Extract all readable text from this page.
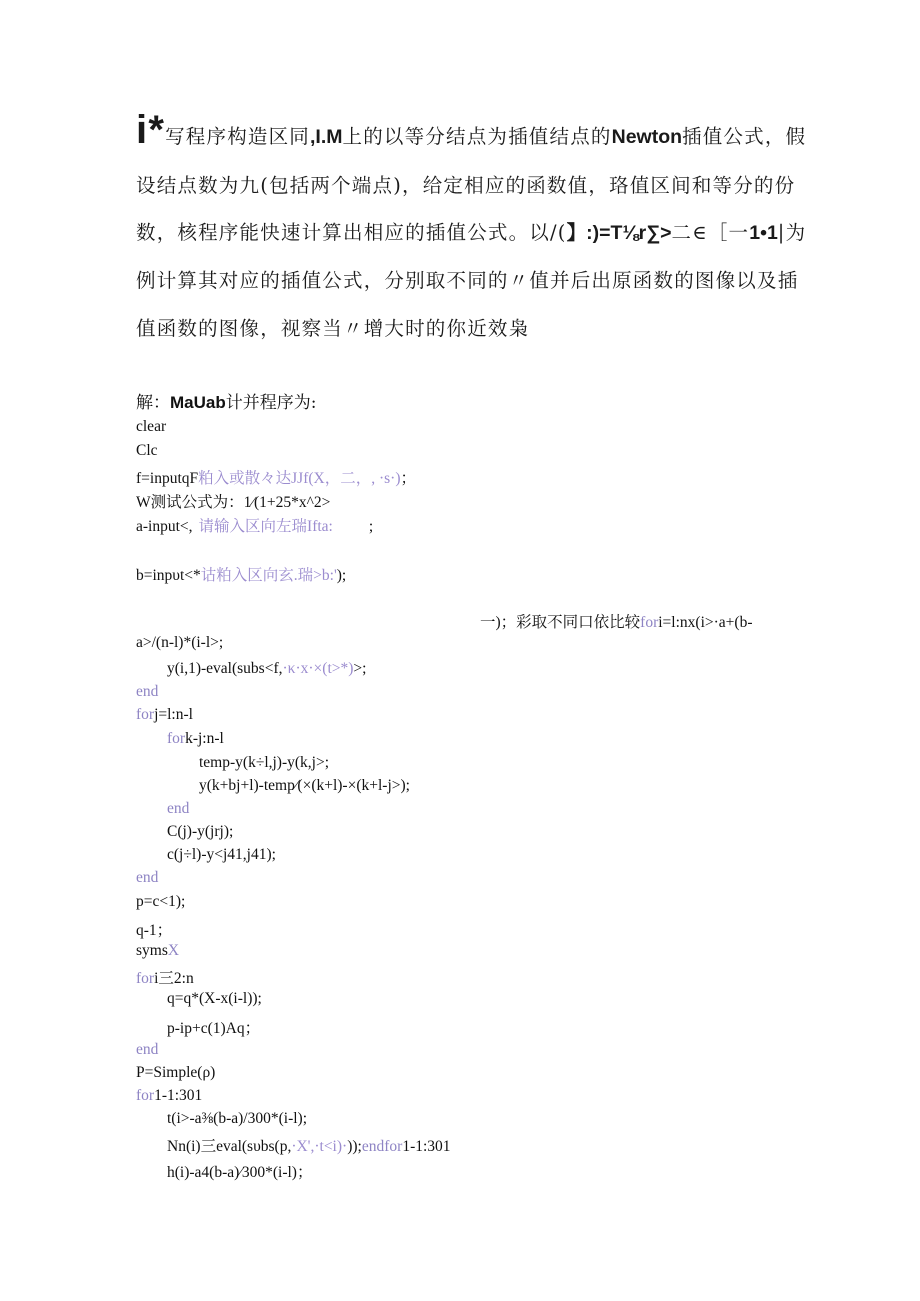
i*写程序构造区同,I.M上的以等分结点为插值结点的Newton插值公式，假
设结点数为九(包括两个端点)，给定相应的函数值，珞值区间和等分的份
数，核程序能快速计算出相应的插值公式。以/(】:)=T⅛r∑>二∈［一1•1|为
例计算其对应的插值公式，分别取不同的〃值并后出原函数的图像以及插
值函数的图像，视察当〃增大时的你近效枭
解：MaUab计并程序为:
clear
Clc
f=inputqF粕入或散々达JJf(X，二，, ·s·)；
W测试公式为：1∕(1+25*x^2>
a-input<, 请输入区向左瑞Ifta: ;
b=inpυt<*诂粕入区向玄.瑞>b:');
一)；彩取不同口依比较fori=l:nx(i>·a+(b-
a>/(n-l)*(i-l>;
y(i,1)-eval(subs<f,·κ·x·×(t>*)>;
end
forj=l:n-l
fork-j:n-l
temp-y(k÷l,j)-y(k,j>;
y(k+bj+l)-temp∕(×(k+l)-×(k+l-j>);
end
C(j)-y(jrj);
c(j÷l)-y<j41,j41);
end
p=c<1);
q-1；
symsX
fori三2:n
q=q*(X-x(i-l));
p-ip+c(1)Aq；
end
P=Simple(ρ)
for1-1:301
t(i>-a⅜(b-a)/300*(i-l);
Nn(i)三eval(sυbs(p,·X',·t<i)·));endfor1-1:301
h(i)-a4(b-a)∕300*(i-l)；
